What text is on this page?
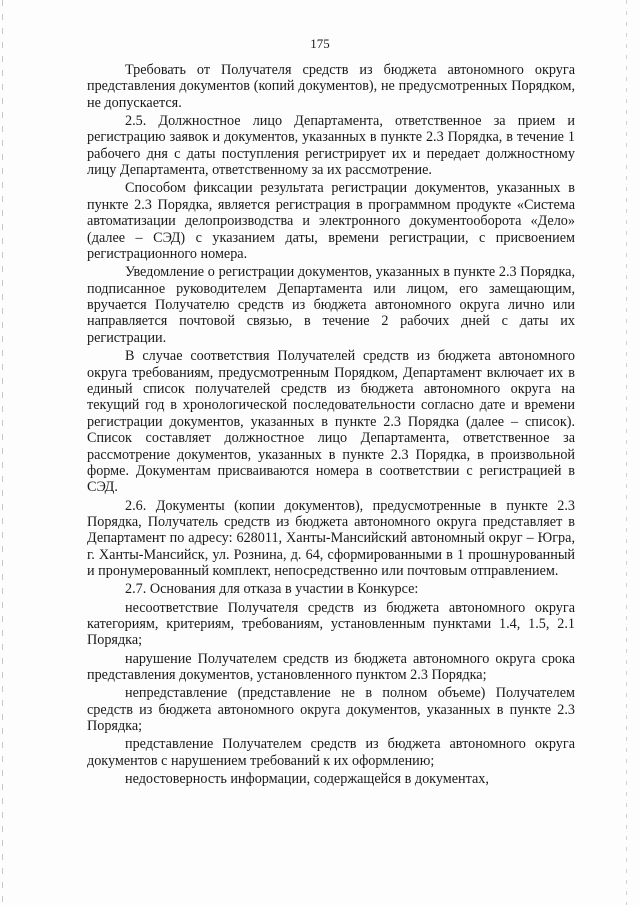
175

Требовать от Получателя средств из бюджета автономного округа представления документов (копий документов), не предусмотренных Порядком, не допускается.

2.5. Должностное лицо Департамента, ответственное за прием и регистрацию заявок и документов, указанных в пункте 2.3 Порядка, в течение 1 рабочего дня с даты поступления регистрирует их и передает должностному лицу Департамента, ответственному за их рассмотрение.

Способом фиксации результата регистрации документов, указанных в пункте 2.3 Порядка, является регистрация в программном продукте «Система автоматизации делопроизводства и электронного документооборота «Дело» (далее – СЭД) с указанием даты, времени регистрации, с присвоением регистрационного номера.

Уведомление о регистрации документов, указанных в пункте 2.3 Порядка, подписанное руководителем Департамента или лицом, его замещающим, вручается Получателю средств из бюджета автономного округа лично или направляется почтовой связью, в течение 2 рабочих дней с даты их регистрации.

В случае соответствия Получателей средств из бюджета автономного округа требованиям, предусмотренным Порядком, Департамент включает их в единый список получателей средств из бюджета автономного округа на текущий год в хронологической последовательности согласно дате и времени регистрации документов, указанных в пункте 2.3 Порядка (далее – список). Список составляет должностное лицо Департамента, ответственное за рассмотрение документов, указанных в пункте 2.3 Порядка, в произвольной форме. Документам присваиваются номера в соответствии с регистрацией в СЭД.

2.6. Документы (копии документов), предусмотренные в пункте 2.3 Порядка, Получатель средств из бюджета автономного округа представляет в Департамент по адресу: 628011, Ханты-Мансийский автономный округ – Югра, г. Ханты-Мансийск, ул. Рознина, д. 64, сформированными в 1 прошнурованный и пронумерованный комплект, непосредственно или почтовым отправлением.

2.7. Основания для отказа в участии в Конкурсе:

несоответствие Получателя средств из бюджета автономного округа категориям, критериям, требованиям, установленным пунктами 1.4, 1.5, 2.1 Порядка;

нарушение Получателем средств из бюджета автономного округа срока представления документов, установленного пунктом 2.3 Порядка;

непредставление (представление не в полном объеме) Получателем средств из бюджета автономного округа документов, указанных в пункте 2.3 Порядка;

представление Получателем средств из бюджета автономного округа документов с нарушением требований к их оформлению;

недостоверность информации, содержащейся в документах,
